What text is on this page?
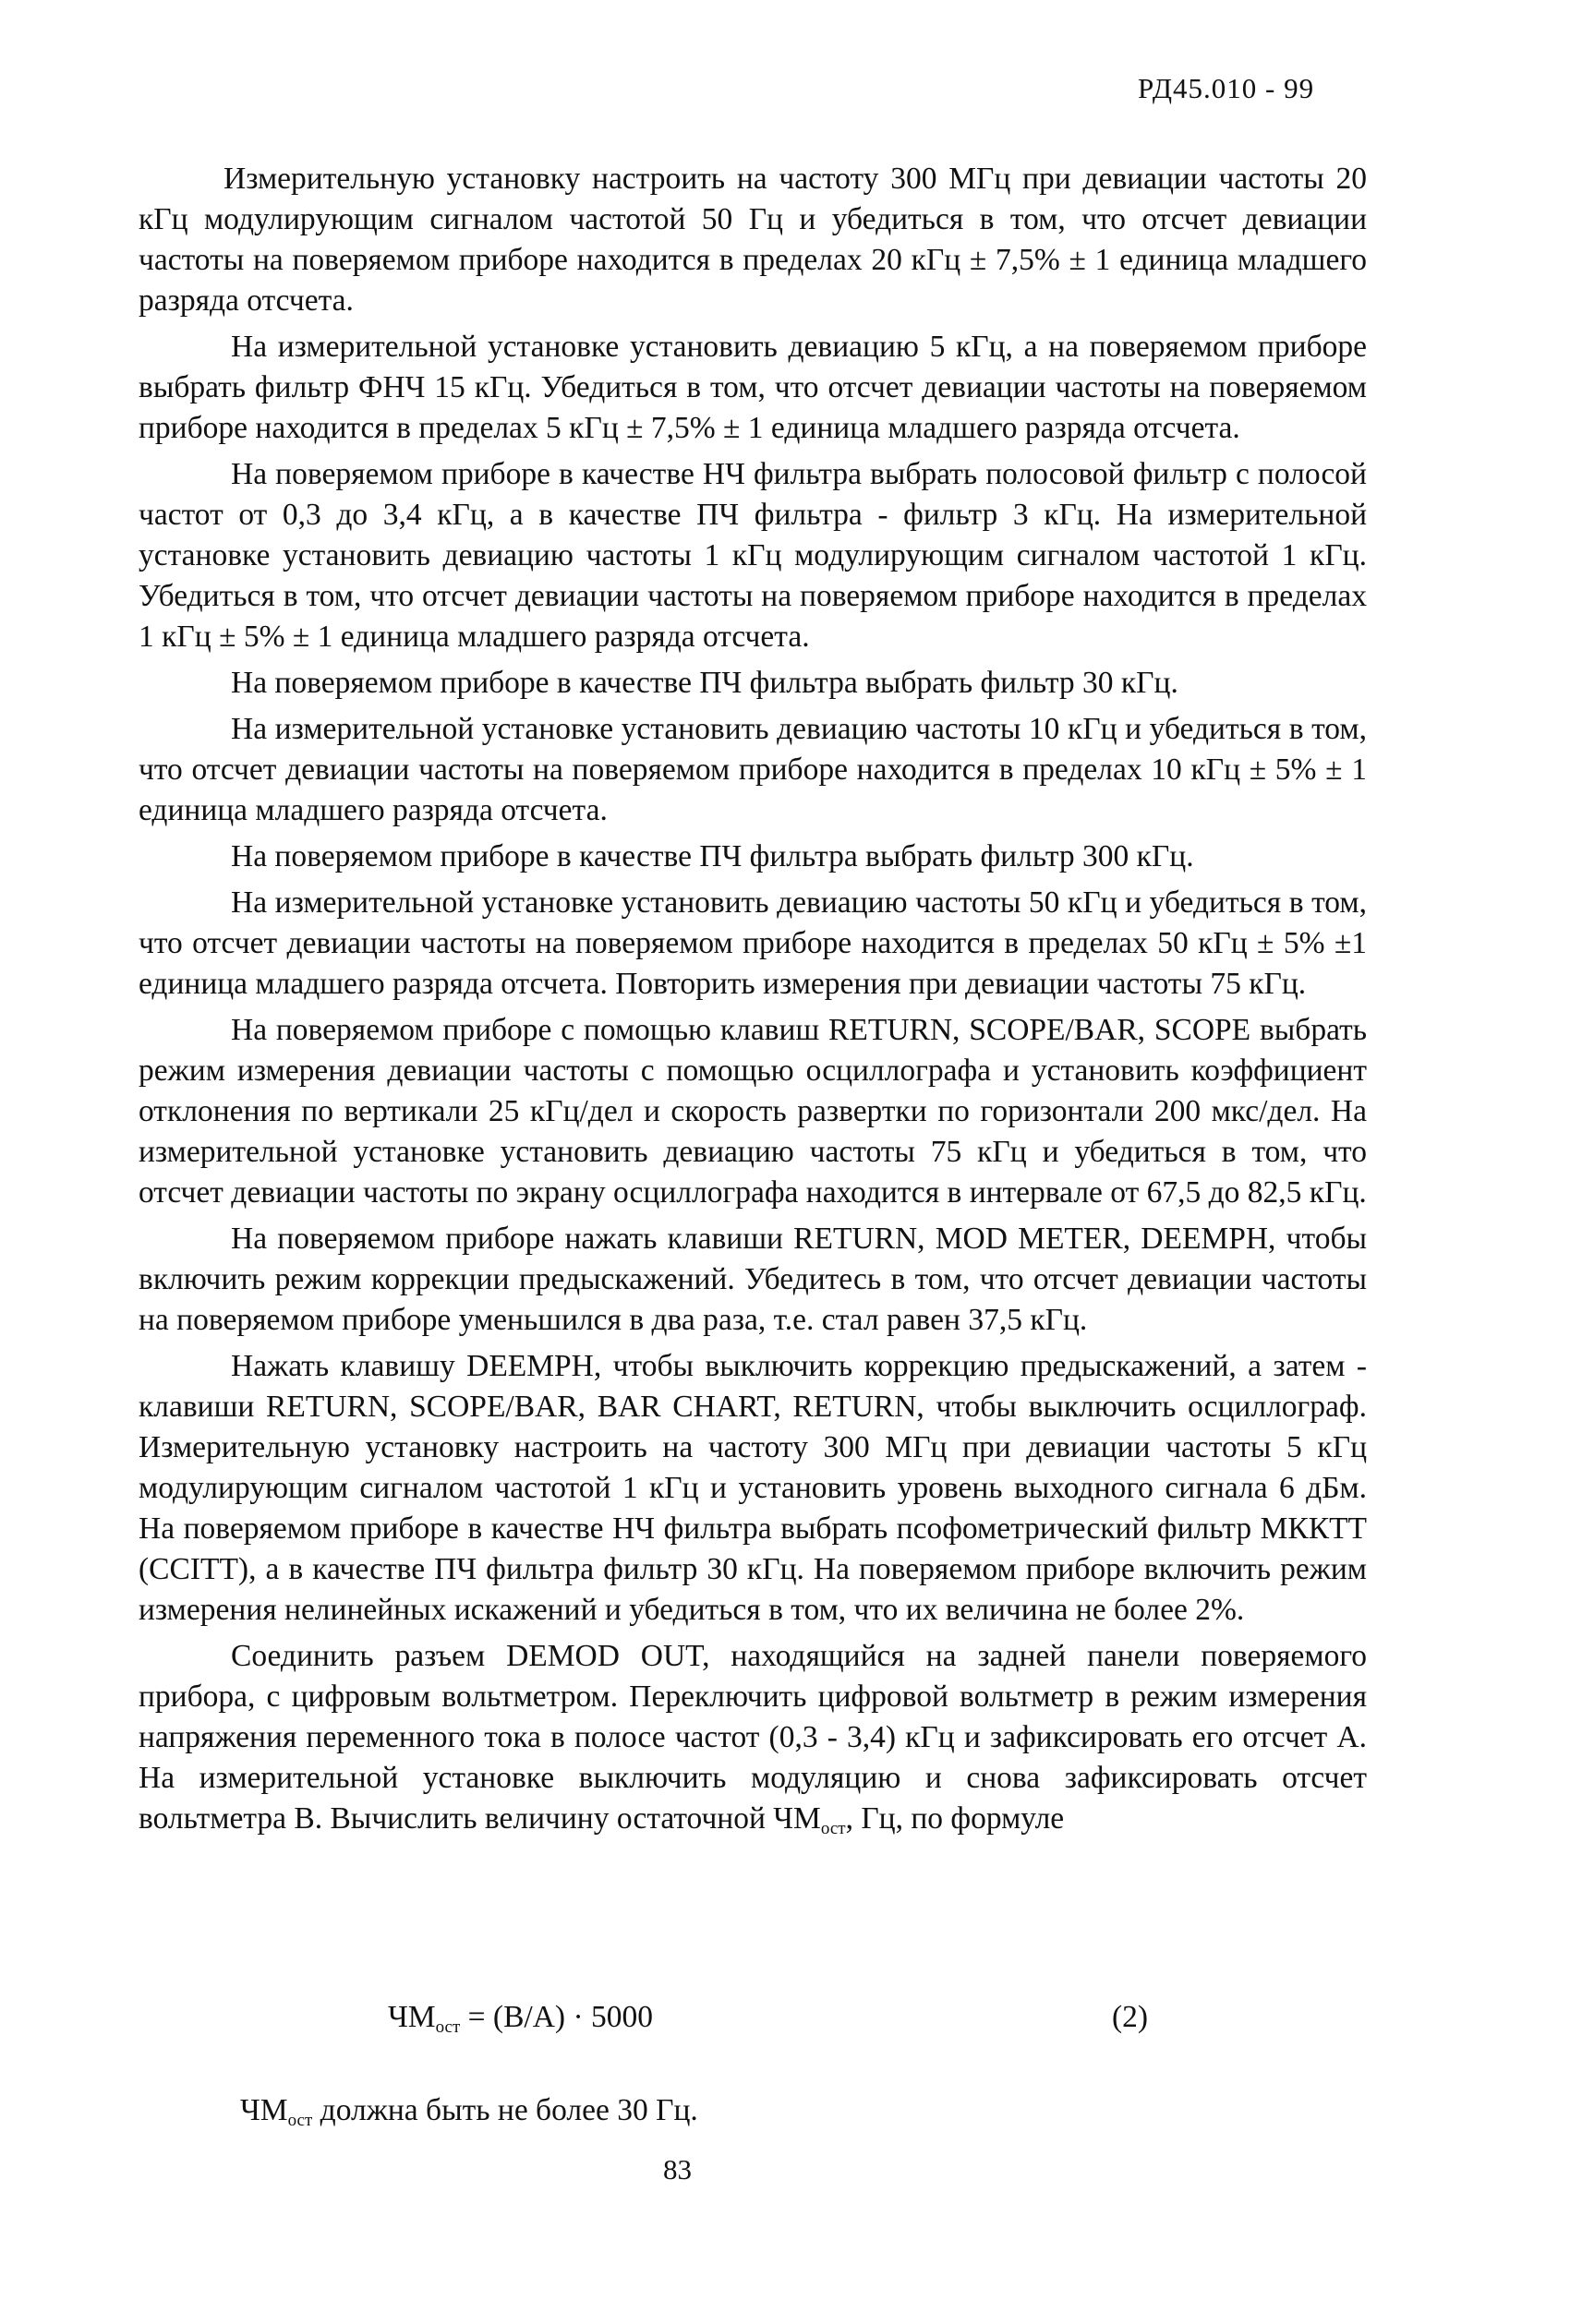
РД45.010 - 99

Измерительную установку настроить на частоту 300 МГц при девиации частоты 20 кГц модулирующим сигналом частотой 50 Гц и убедиться в том, что отсчет девиации частоты на поверяемом приборе находится в пределах 20 кГц ± 7,5% ± 1 единица младшего разряда отсчета.

На измерительной установке установить девиацию 5 кГц, а на поверяемом приборе выбрать фильтр ФНЧ 15 кГц. Убедиться в том, что отсчет девиации частоты на поверяемом приборе находится в пределах 5 кГц ± 7,5% ± 1 единица младшего разряда отсчета.

На поверяемом приборе в качестве НЧ фильтра выбрать полосовой фильтр с полосой частот от 0,3 до 3,4 кГц, а в качестве ПЧ фильтра - фильтр 3 кГц. На измерительной установке установить девиацию частоты 1 кГц модулирующим сигналом частотой 1 кГц. Убедиться в том, что отсчет девиации частоты на поверяемом приборе находится в пределах 1 кГц ± 5% ± 1 единица младшего разряда отсчета.

На поверяемом приборе в качестве ПЧ фильтра выбрать фильтр 30 кГц.

На измерительной установке установить девиацию частоты 10 кГц и убедиться в том, что отсчет девиации частоты на поверяемом приборе находится в пределах 10 кГц ± 5% ± 1 единица младшего разряда отсчета.

На поверяемом приборе в качестве ПЧ фильтра выбрать фильтр 300 кГц.

На измерительной установке установить девиацию частоты 50 кГц и убедиться в том, что отсчет девиации частоты на поверяемом приборе находится в пределах 50 кГц ± 5% ±1 единица младшего разряда отсчета. Повторить измерения при девиации частоты 75 кГц.

На поверяемом приборе с помощью клавиш RETURN, SCOPE/BAR, SCOPE выбрать режим измерения девиации частоты с помощью осциллографа и установить коэффициент отклонения по вертикали 25 кГц/дел и скорость развертки по горизонтали 200 мкс/дел. На измерительной установке установить девиацию частоты 75 кГц и убедиться в том, что отсчет девиации частоты по экрану осциллографа находится в интервале от 67,5 до 82,5 кГц.

На поверяемом приборе нажать клавиши RETURN, MOD METER, DEEMPH, чтобы включить режим коррекции предыскажений. Убедитесь в том, что отсчет девиации частоты на поверяемом приборе уменьшился в два раза, т.е. стал равен 37,5 кГц.

Нажать клавишу DEEMPH, чтобы выключить коррекцию предыскажений, а затем - клавиши RETURN, SCOPE/BAR, BAR CHART, RETURN, чтобы выключить осциллограф. Измерительную установку настроить на частоту 300 МГц при девиации частоты 5 кГц модулирующим сигналом частотой 1 кГц и установить уровень выходного сигнала 6 дБм. На поверяемом приборе в качестве НЧ фильтра выбрать псофометрический фильтр МККТТ (CCITT), а в качестве ПЧ фильтра фильтр 30 кГц. На поверяемом приборе включить режим измерения нелинейных искажений и убедиться в том, что их величина не более 2%.

Соединить разъем DEMOD OUT, находящийся на задней панели поверяемого прибора, с цифровым вольтметром. Переключить цифровой вольтметр в режим измерения напряжения переменного тока в полосе частот (0,3 - 3,4) кГц и зафиксировать его отсчет А. На измерительной установке выключить модуляцию и снова зафиксировать отсчет вольтметра В. Вычислить величину остаточной $ЧМ_{ост}$, Гц, по формуле

$ЧМ_{ост} = (В/А) \cdot 5000$	(2)
$ЧМ_{ост}$ должна быть не более 30 Гц.
83
